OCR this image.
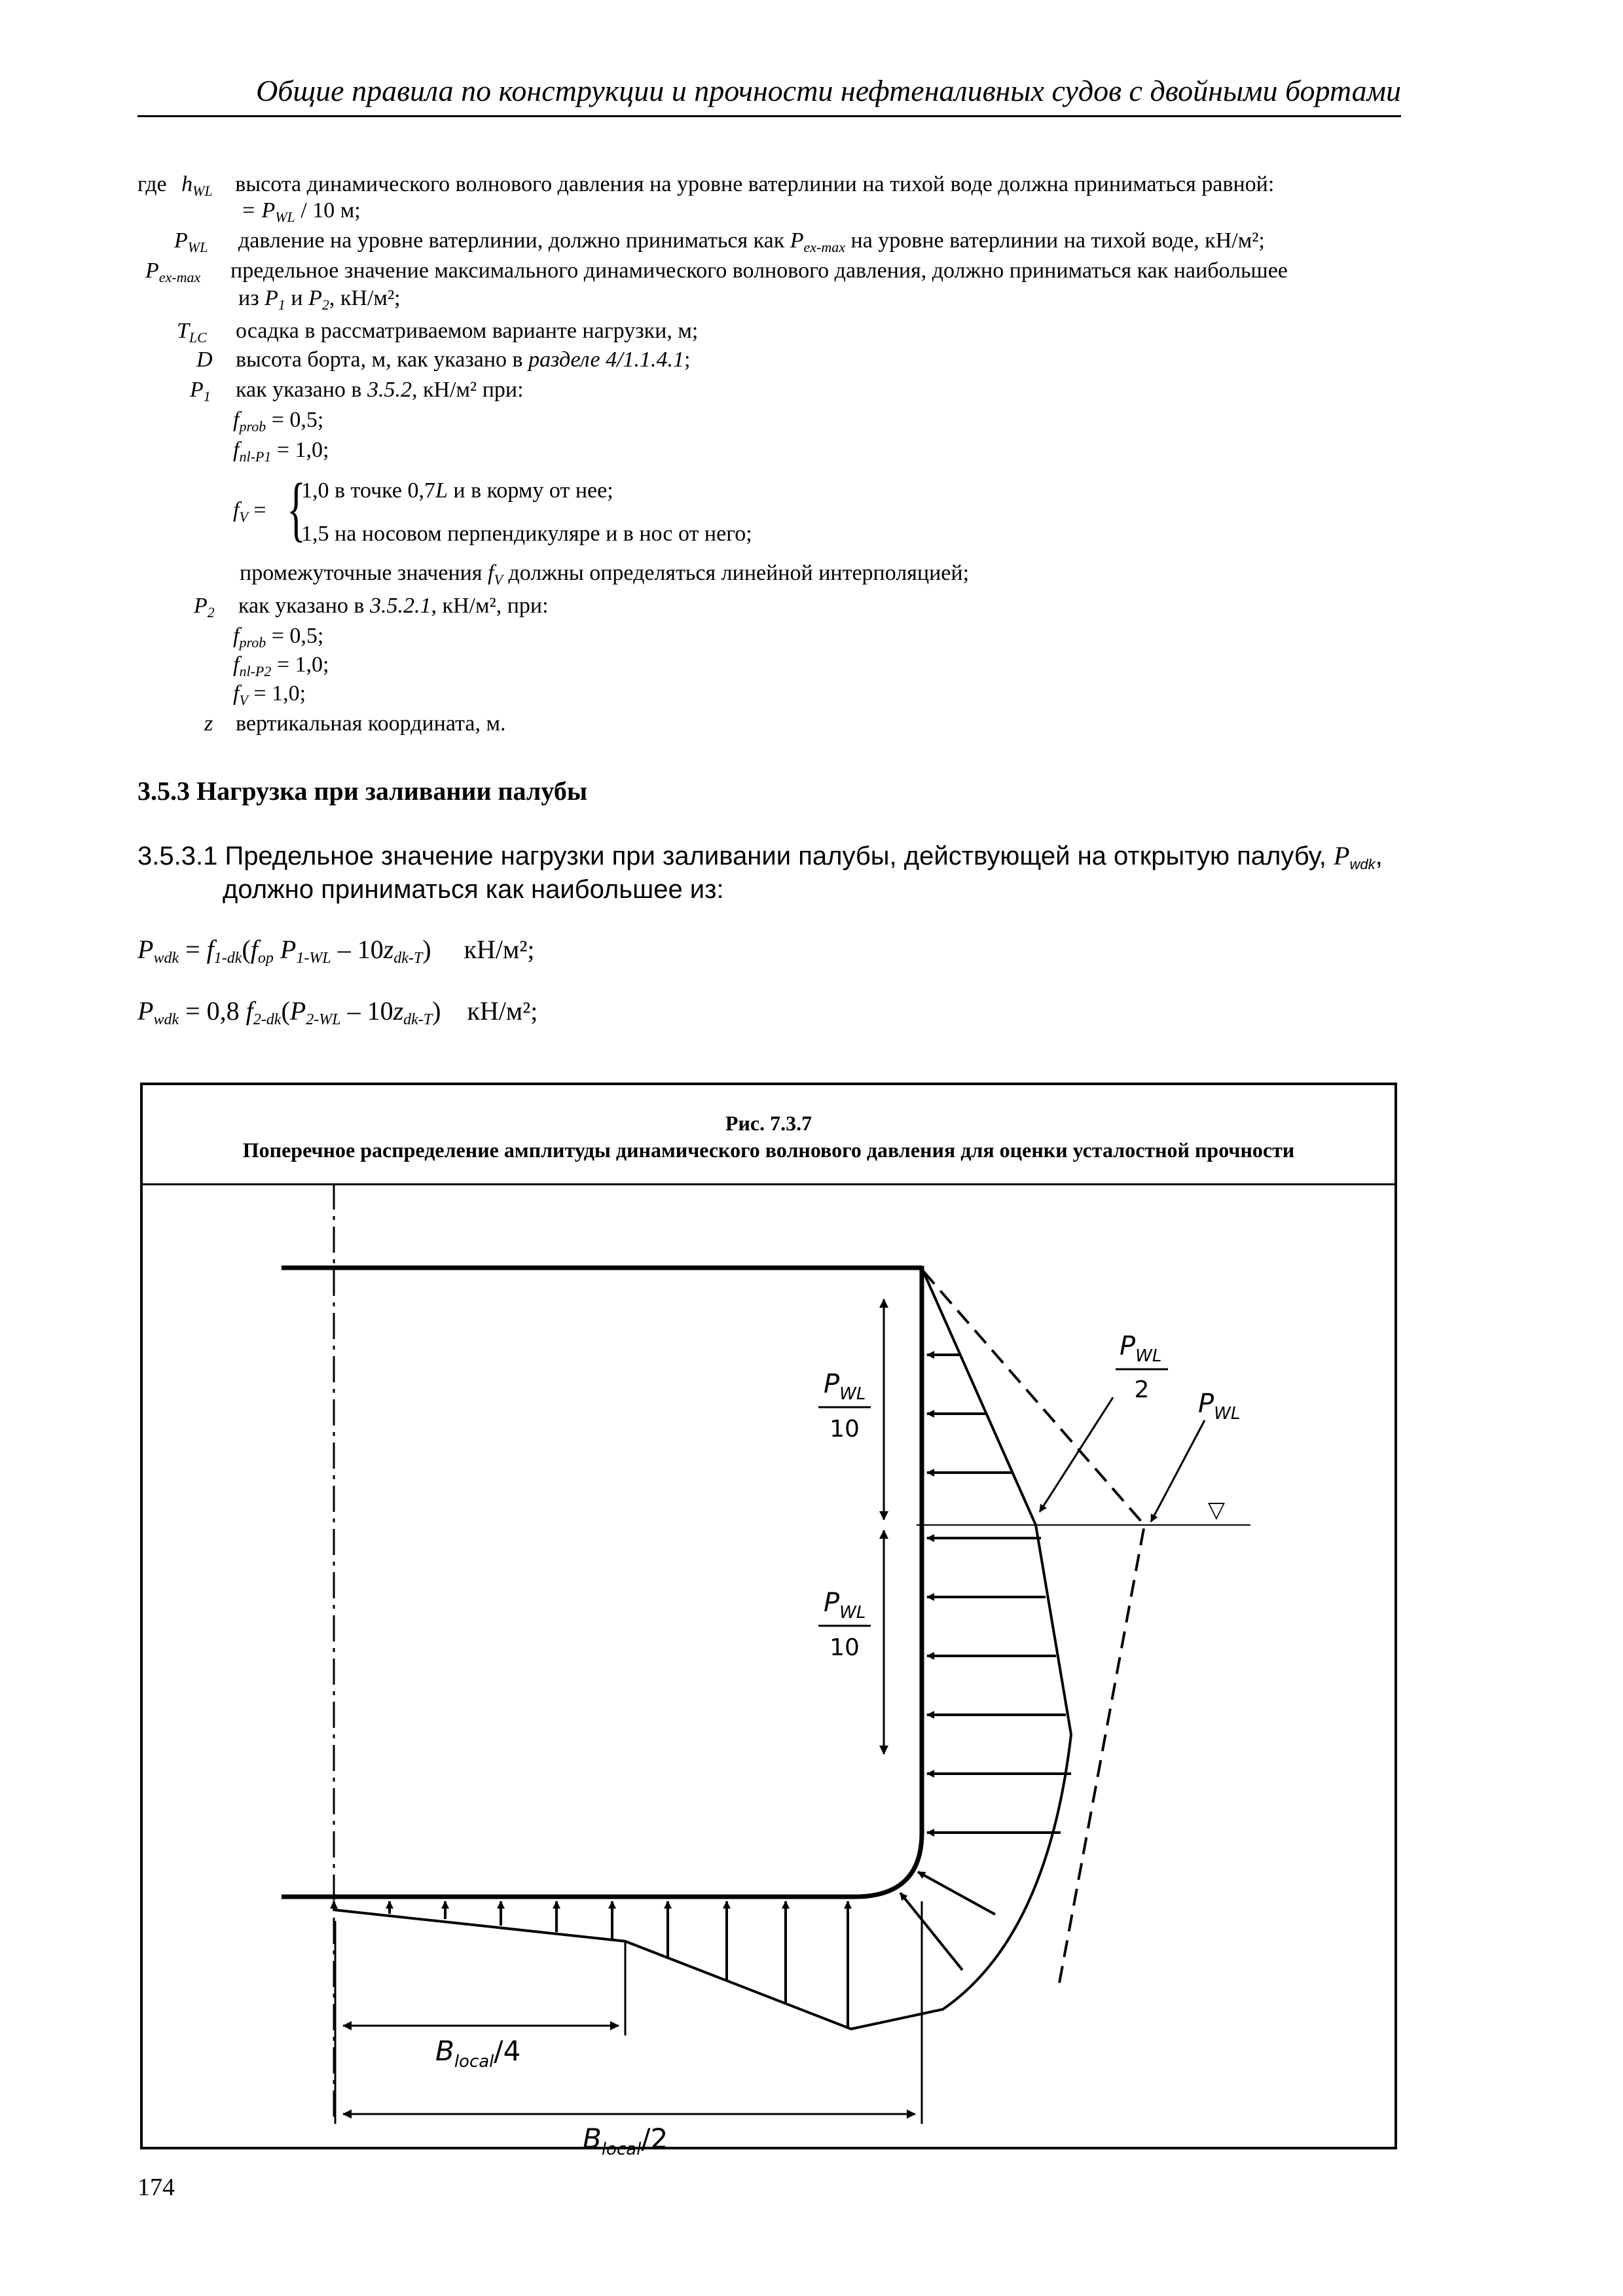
Общие правила по конструкции и прочности нефтеналивных судов с двойными бортами
где $h_{WL}$ высота динамического волнового давления на уровне ватерлинии на тихой воде должна приниматься равной:
= $P_{WL} / 10$ м;
$P_{WL}$ давление на уровне ватерлинии, должно приниматься как $P_{ex-max}$ на уровне ватерлинии на тихой воде, кН/м²;
$P_{ex-max}$ предельное значение максимального динамического волнового давления, должно приниматься как наибольшее
из $P_1$ и $P_2$, кН/м²;
$T_{LC}$ осадка в рассматриваемом варианте нагрузки, м;
D высота борта, м, как указано в разделе 4/1.1.4.1;
$P_1$ как указано в 3.5.2, кН/м² при:
$f_{prob} = 0,5$;
$f_{nl-P1} = 1,0$;
$f_V$ = {
1,0 в точке 0,7L и в корму от нее;
1,5 на носовом перпендикуляре и в нос от него;
промежуточные значения $f_V$ должны определяться линейной интерполяцией;
$P_2$ как указано в 3.5.2.1, кН/м², при:
$f_{prob} = 0,5$;
$f_{nl-P2} = 1,0$;
$f_V = 1,0$;
z вертикальная координата, м.
3.5.3 Нагрузка при заливании палубы
3.5.3.1 Предельное значение нагрузки при заливании палубы, действующей на открытую палубу, $P_{wdk}$,
должно приниматься как наибольшее из:
$P_{wdk} = f_{1-dk}(f_{op}$ $P_{1-WL} - 10z_{dk-T}$) кН/м²;
$P_{wdk} = 0,8$ $f_{2-dk}(P_{2-WL} - 10z_{dk-T})$ кН/м²;
Рис. 7.3.7
Поперечное распределение амплитуды динамического волнового давления для оценки усталостной прочности
▽
$P_{WL}$
10
$P_{WL}$
10
$P_{WL}$
2 $P_{WL}$
$B_{local}/4$
$B_{local}/2$
174
